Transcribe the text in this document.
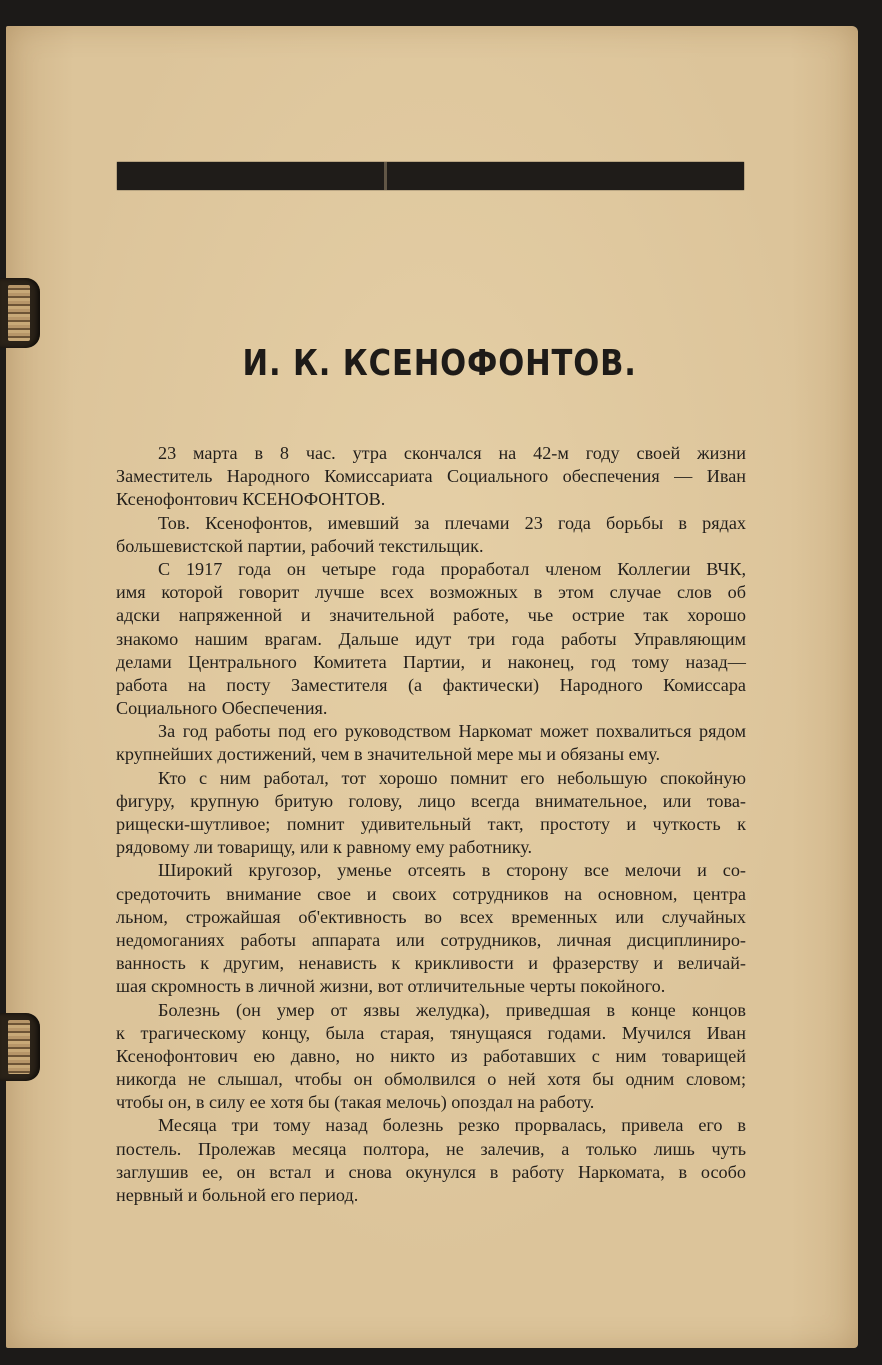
И. К. КСЕНОФОНТОВ.
23 марта в 8 час. утра скончался на 42-м году своей жизни
Заместитель Народного Комиссариата Социального обеспечения — Иван
Ксенофонтович КСЕНОФОНТОВ.
Тов. Ксенофонтов, имевший за плечами 23 года борьбы в рядах
большевистской партии, рабочий текстильщик.
С 1917 года он четыре года проработал членом Коллегии ВЧК,
имя которой говорит лучше всех возможных в этом случае слов об
адски напряженной и значительной работе, чье острие так хорошо
знакомо нашим врагам. Дальше идут три года работы Управляющим
делами Центрального Комитета Партии, и наконец, год тому назад—
работа на посту Заместителя (а фактически) Народного Комиссара
Социального Обеспечения.
За год работы под его руководством Наркомат может похвалиться рядом
крупнейших достижений, чем в значительной мере мы и обязаны ему.
Кто с ним работал, тот хорошо помнит его небольшую спокойную
фигуру, крупную бритую голову, лицо всегда внимательное, или това-
рищески-шутливое; помнит удивительный такт, простоту и чуткость к
рядовому ли товарищу, или к равному ему работнику.
Широкий кругозор, уменье отсеять в сторону все мелочи и со-
средоточить внимание свое и своих сотрудников на основном, центра
льном, строжайшая об'ективность во всех временных или случайных
недомоганиях работы аппарата или сотрудников, личная дисциплиниро-
ванность к другим, ненависть к крикливости и фразерству и величай-
шая скромность в личной жизни, вот отличительные черты покойного.
Болезнь (он умер от язвы желудка), приведшая в конце концов
к трагическому концу, была старая, тянущаяся годами. Мучился Иван
Ксенофонтович ею давно, но никто из работавших с ним товарищей
никогда не слышал, чтобы он обмолвился о ней хотя бы одним словом;
чтобы он, в силу ее хотя бы (такая мелочь) опоздал на работу.
Месяца три тому назад болезнь резко прорвалась, привела его в
постель. Пролежав месяца полтора, не залечив, а только лишь чуть
заглушив ее, он встал и снова окунулся в работу Наркомата, в особо
нервный и больной его период.
